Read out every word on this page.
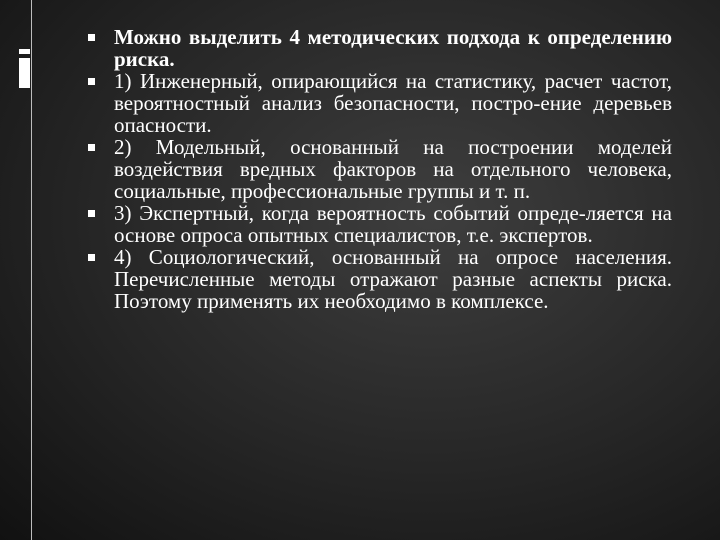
Можно выделить 4 методических подхода к определению риска.

1) Инженерный, опирающийся на статистику, расчет частот, вероятностный анализ безопасности, постро-ение деревьев опасности.

2) Модельный, основанный на построении моделей воздействия вредных факторов на отдельного человека, социальные, профессиональные группы и т. п.

3) Экспертный, когда вероятность событий опреде-ляется на основе опроса опытных специалистов, т.е. экспертов.

4) Социологический, основанный на опросе населения. Перечисленные методы отражают разные аспекты риска. Поэтому применять их необходимо в комплексе.
